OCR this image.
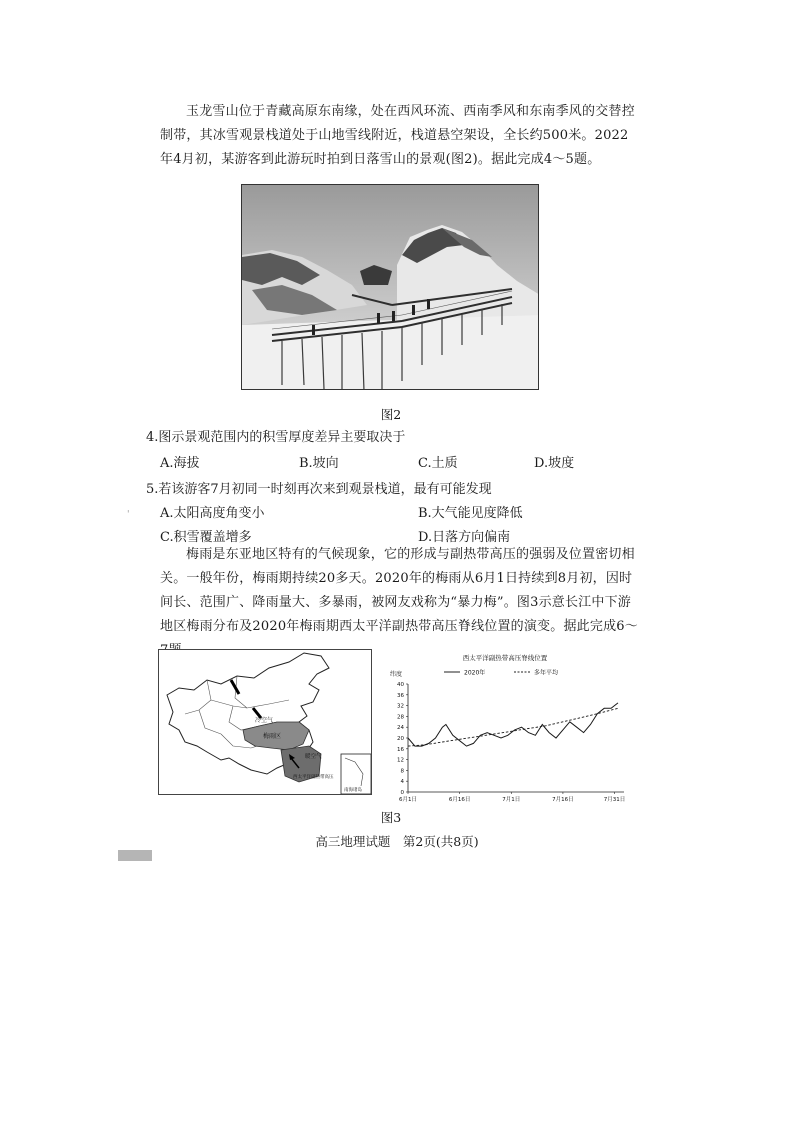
玉龙雪山位于青藏高原东南缘，处在西风环流、西南季风和东南季风的交替控制带，其冰雪观景栈道处于山地雪线附近，栈道悬空架设，全长约500米。2022年4月初，某游客到此游玩时拍到日落雪山的景观(图2)。据此完成4～5题。

图2
4.图示景观范围内的积雪厚度差异主要取决于
A.海拔	B.坡向	C.土质	D.坡度
5.若该游客7月初同一时刻再次来到观景栈道，最有可能发现
A.太阳高度角变小	B.大气能见度降低
C.积雪覆盖增多	D.日落方向偏南
'

梅雨是东亚地区特有的气候现象，它的形成与副热带高压的强弱及位置密切相关。一般年份，梅雨期持续20多天。2020年的梅雨从6月1日持续到8月初，因时间长、范围广、降雨量大、多暴雨，被网友戏称为“暴力梅”。图3示意长江中下游地区梅雨分布及2020年梅雨期西太平洋副热带高压脊线位置的演变。据此完成6～

冷空气
梅雨区
暖空气
西太平洋副热带高压
南海诸岛
西太平洋副热带高压脊线位置
2020年	多年平均
纬度
0
4
8
12
16
20
24
28
32
36
40
6月1日	6月16日	7月1日	7月16日	7月31日
图3
高三地理试题　第2页(共8页)
